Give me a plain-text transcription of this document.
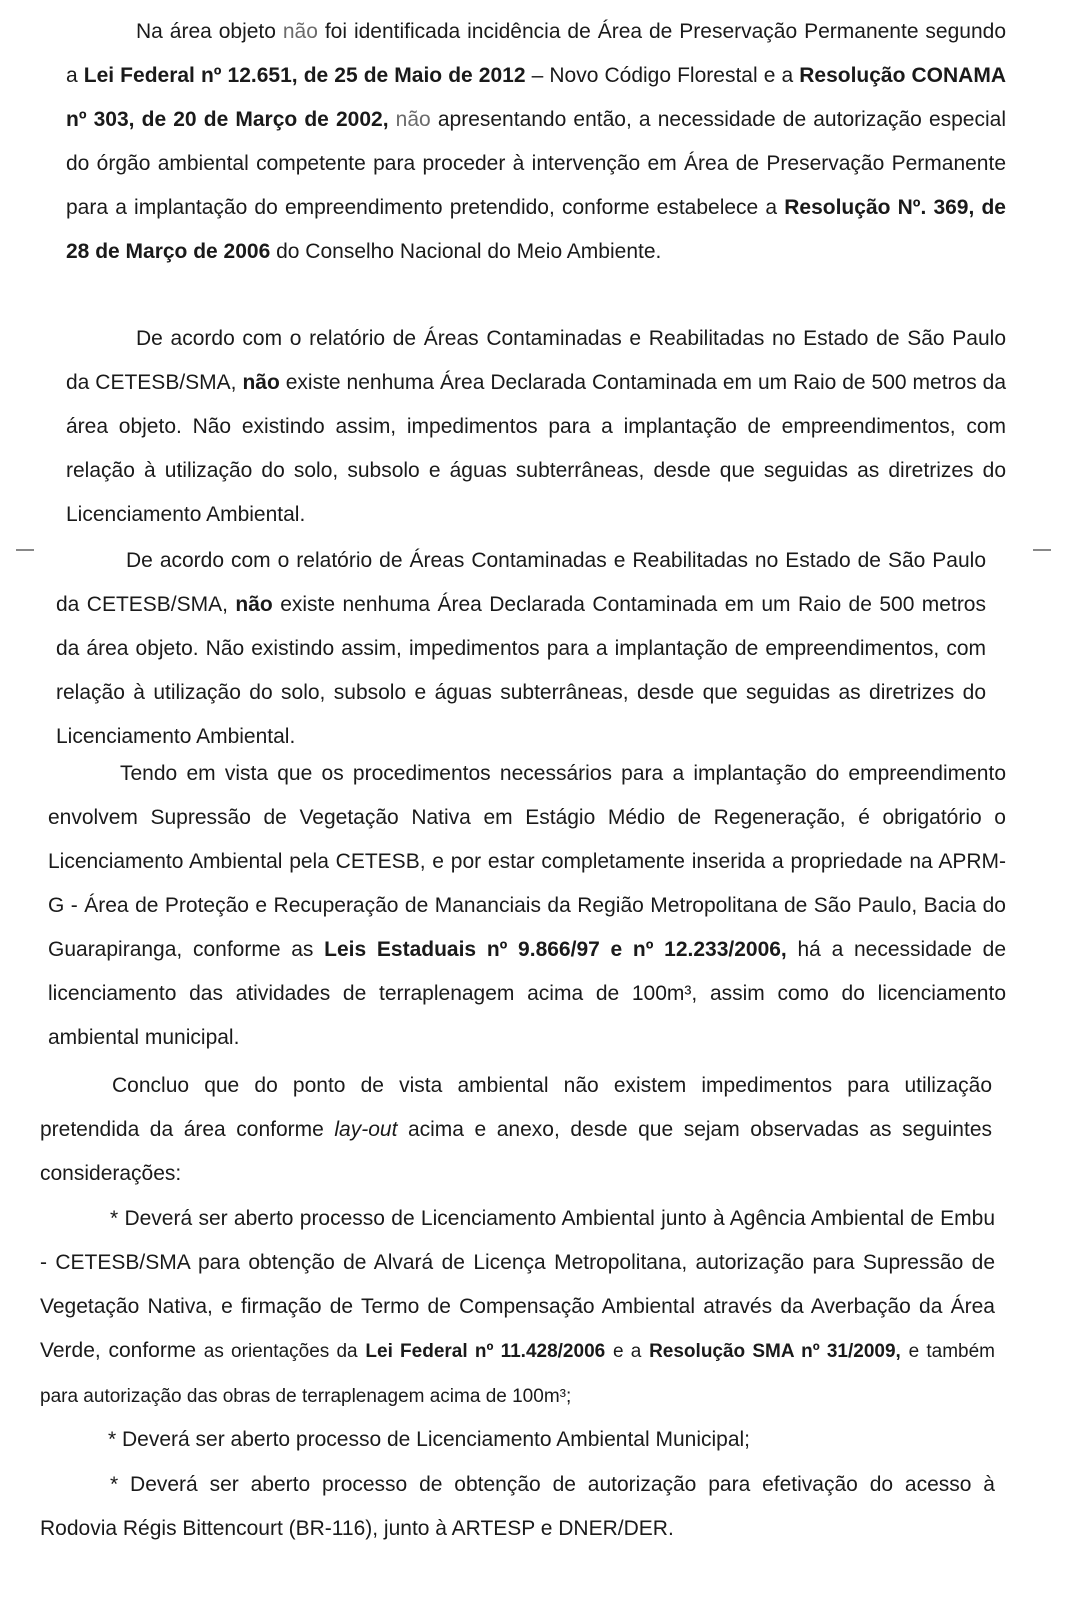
Na área objeto não foi identificada incidência de Área de Preservação Permanente segundo a Lei Federal nº 12.651, de 25 de Maio de 2012 – Novo Código Florestal e a Resolução CONAMA nº 303, de 20 de Março de 2002, não apresentando então, a necessidade de autorização especial do órgão ambiental competente para proceder à intervenção em Área de Preservação Permanente para a implantação do empreendimento pretendido, conforme estabelece a Resolução Nº. 369, de 28 de Março de 2006 do Conselho Nacional do Meio Ambiente.

De acordo com o relatório de Áreas Contaminadas e Reabilitadas no Estado de São Paulo da CETESB/SMA, não existe nenhuma Área Declarada Contaminada em um Raio de 500 metros da área objeto. Não existindo assim, impedimentos para a implantação de empreendimentos, com relação à utilização do solo, subsolo e águas subterrâneas, desde que seguidas as diretrizes do Licenciamento Ambiental.

De acordo com o relatório de Áreas Contaminadas e Reabilitadas no Estado de São Paulo da CETESB/SMA, não existe nenhuma Área Declarada Contaminada em um Raio de 500 metros da área objeto. Não existindo assim, impedimentos para a implantação de empreendimentos, com relação à utilização do solo, subsolo e águas subterrâneas, desde que seguidas as diretrizes do Licenciamento Ambiental.

Tendo em vista que os procedimentos necessários para a implantação do empreendimento envolvem Supressão de Vegetação Nativa em Estágio Médio de Regeneração, é obrigatório o Licenciamento Ambiental pela CETESB, e por estar completamente inserida a propriedade na APRM-G - Área de Proteção e Recuperação de Mananciais da Região Metropolitana de São Paulo, Bacia do Guarapiranga, conforme as Leis Estaduais nº 9.866/97 e nº 12.233/2006, há a necessidade de licenciamento das atividades de terraplenagem acima de 100m³, assim como do licenciamento ambiental municipal.

Concluo que do ponto de vista ambiental não existem impedimentos para utilização pretendida da área conforme lay-out acima e anexo, desde que sejam observadas as seguintes considerações:

* Deverá ser aberto processo de Licenciamento Ambiental junto à Agência Ambiental de Embu - CETESB/SMA para obtenção de Alvará de Licença Metropolitana, autorização para Supressão de Vegetação Nativa, e firmação de Termo de Compensação Ambiental através da Averbação da Área Verde, conforme as orientações da Lei Federal nº 11.428/2006 e a Resolução SMA nº 31/2009, e também para autorização das obras de terraplenagem acima de 100m³;

* Deverá ser aberto processo de Licenciamento Ambiental Municipal;

* Deverá ser aberto processo de obtenção de autorização para efetivação do acesso à Rodovia Régis Bittencourt (BR-116), junto à ARTESP e DNER/DER.
